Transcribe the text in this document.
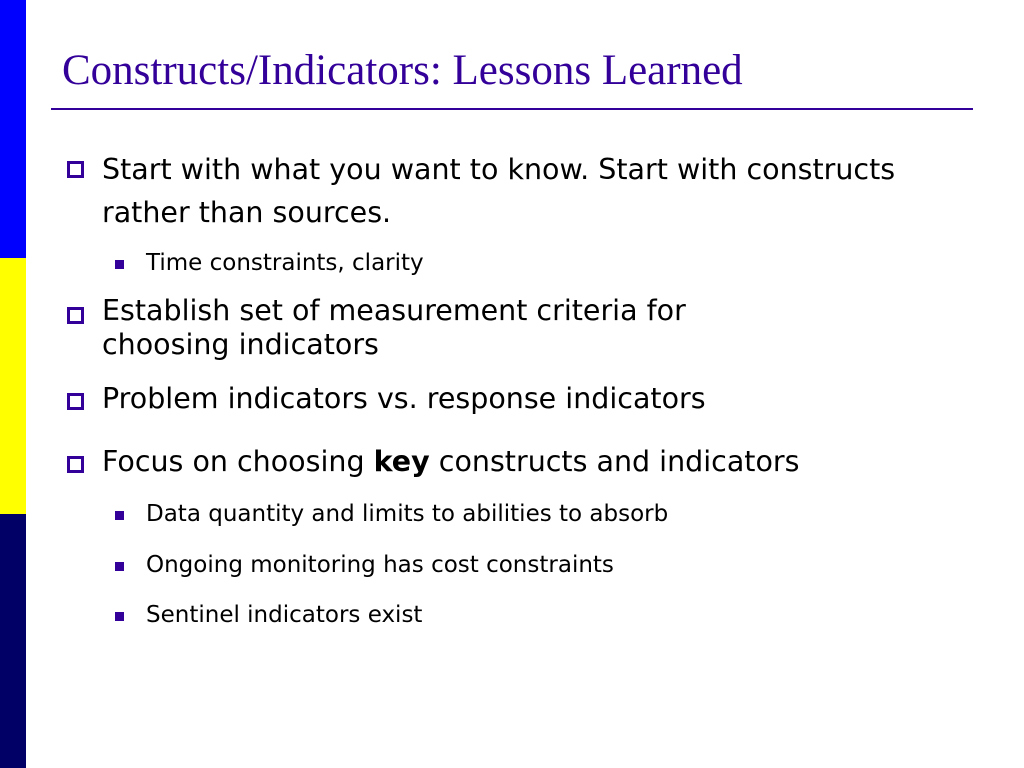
Constructs/Indicators: Lessons Learned
Start with what you want to know. Start with constructs rather than sources.
Time constraints, clarity
Establish set of measurement criteria for choosing indicators
Problem indicators vs. response indicators
Focus on choosing key constructs and indicators
Data quantity and limits to abilities to absorb
Ongoing monitoring has cost constraints
Sentinel indicators exist
